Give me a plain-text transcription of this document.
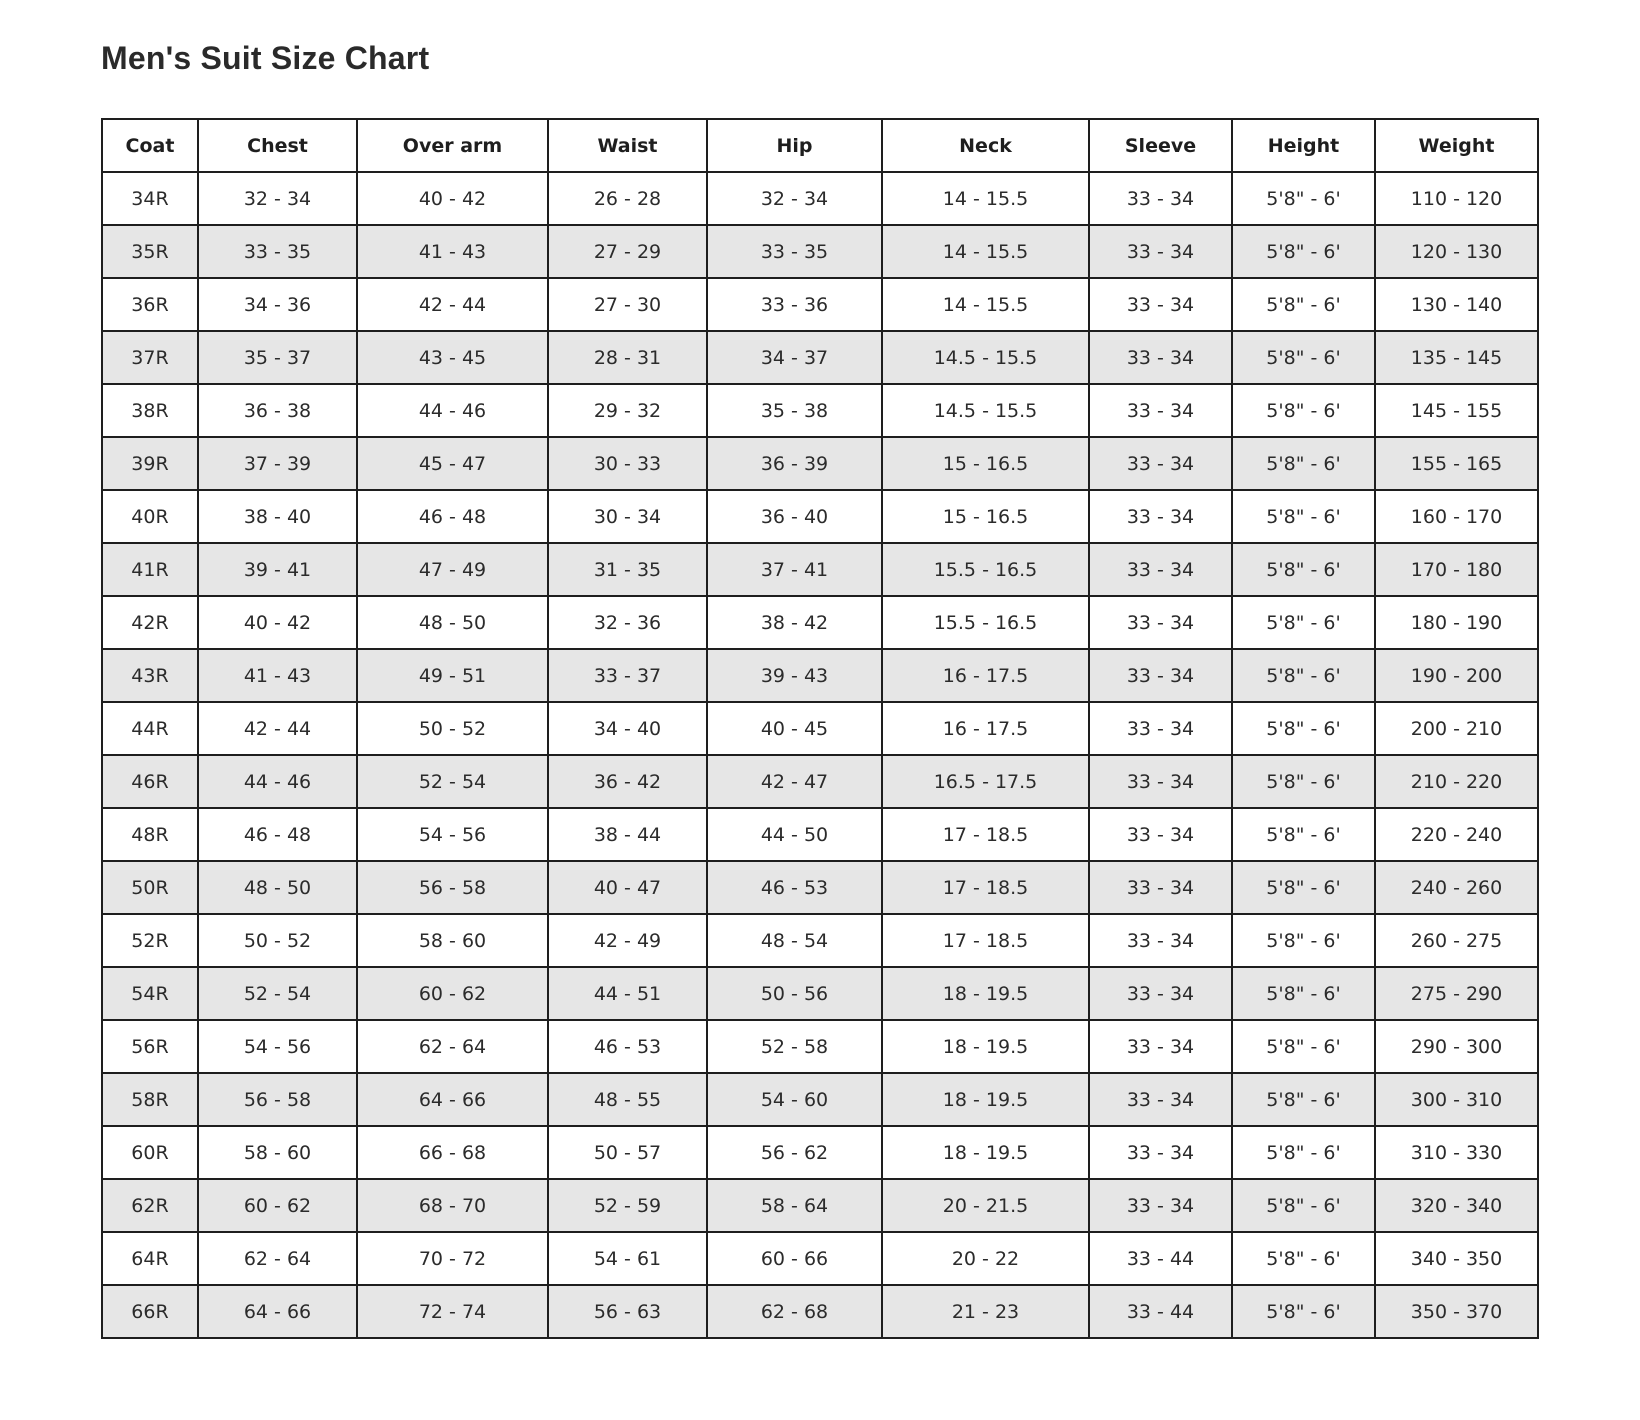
Men's Suit Size Chart
Coat	Chest	Over arm	Waist	Hip	Neck	Sleeve	Height	Weight
34R	32 - 34	40 - 42	26 - 28	32 - 34	14 - 15.5	33 - 34	5'8" - 6'	110 - 120
35R	33 - 35	41 - 43	27 - 29	33 - 35	14 - 15.5	33 - 34	5'8" - 6'	120 - 130
36R	34 - 36	42 - 44	27 - 30	33 - 36	14 - 15.5	33 - 34	5'8" - 6'	130 - 140
37R	35 - 37	43 - 45	28 - 31	34 - 37	14.5 - 15.5	33 - 34	5'8" - 6'	135 - 145
38R	36 - 38	44 - 46	29 - 32	35 - 38	14.5 - 15.5	33 - 34	5'8" - 6'	145 - 155
39R	37 - 39	45 - 47	30 - 33	36 - 39	15 - 16.5	33 - 34	5'8" - 6'	155 - 165
40R	38 - 40	46 - 48	30 - 34	36 - 40	15 - 16.5	33 - 34	5'8" - 6'	160 - 170
41R	39 - 41	47 - 49	31 - 35	37 - 41	15.5 - 16.5	33 - 34	5'8" - 6'	170 - 180
42R	40 - 42	48 - 50	32 - 36	38 - 42	15.5 - 16.5	33 - 34	5'8" - 6'	180 - 190
43R	41 - 43	49 - 51	33 - 37	39 - 43	16 - 17.5	33 - 34	5'8" - 6'	190 - 200
44R	42 - 44	50 - 52	34 - 40	40 - 45	16 - 17.5	33 - 34	5'8" - 6'	200 - 210
46R	44 - 46	52 - 54	36 - 42	42 - 47	16.5 - 17.5	33 - 34	5'8" - 6'	210 - 220
48R	46 - 48	54 - 56	38 - 44	44 - 50	17 - 18.5	33 - 34	5'8" - 6'	220 - 240
50R	48 - 50	56 - 58	40 - 47	46 - 53	17 - 18.5	33 - 34	5'8" - 6'	240 - 260
52R	50 - 52	58 - 60	42 - 49	48 - 54	17 - 18.5	33 - 34	5'8" - 6'	260 - 275
54R	52 - 54	60 - 62	44 - 51	50 - 56	18 - 19.5	33 - 34	5'8" - 6'	275 - 290
56R	54 - 56	62 - 64	46 - 53	52 - 58	18 - 19.5	33 - 34	5'8" - 6'	290 - 300
58R	56 - 58	64 - 66	48 - 55	54 - 60	18 - 19.5	33 - 34	5'8" - 6'	300 - 310
60R	58 - 60	66 - 68	50 - 57	56 - 62	18 - 19.5	33 - 34	5'8" - 6'	310 - 330
62R	60 - 62	68 - 70	52 - 59	58 - 64	20 - 21.5	33 - 34	5'8" - 6'	320 - 340
64R	62 - 64	70 - 72	54 - 61	60 - 66	20 - 22	33 - 44	5'8" - 6'	340 - 350
66R	64 - 66	72 - 74	56 - 63	62 - 68	21 - 23	33 - 44	5'8" - 6'	350 - 370
